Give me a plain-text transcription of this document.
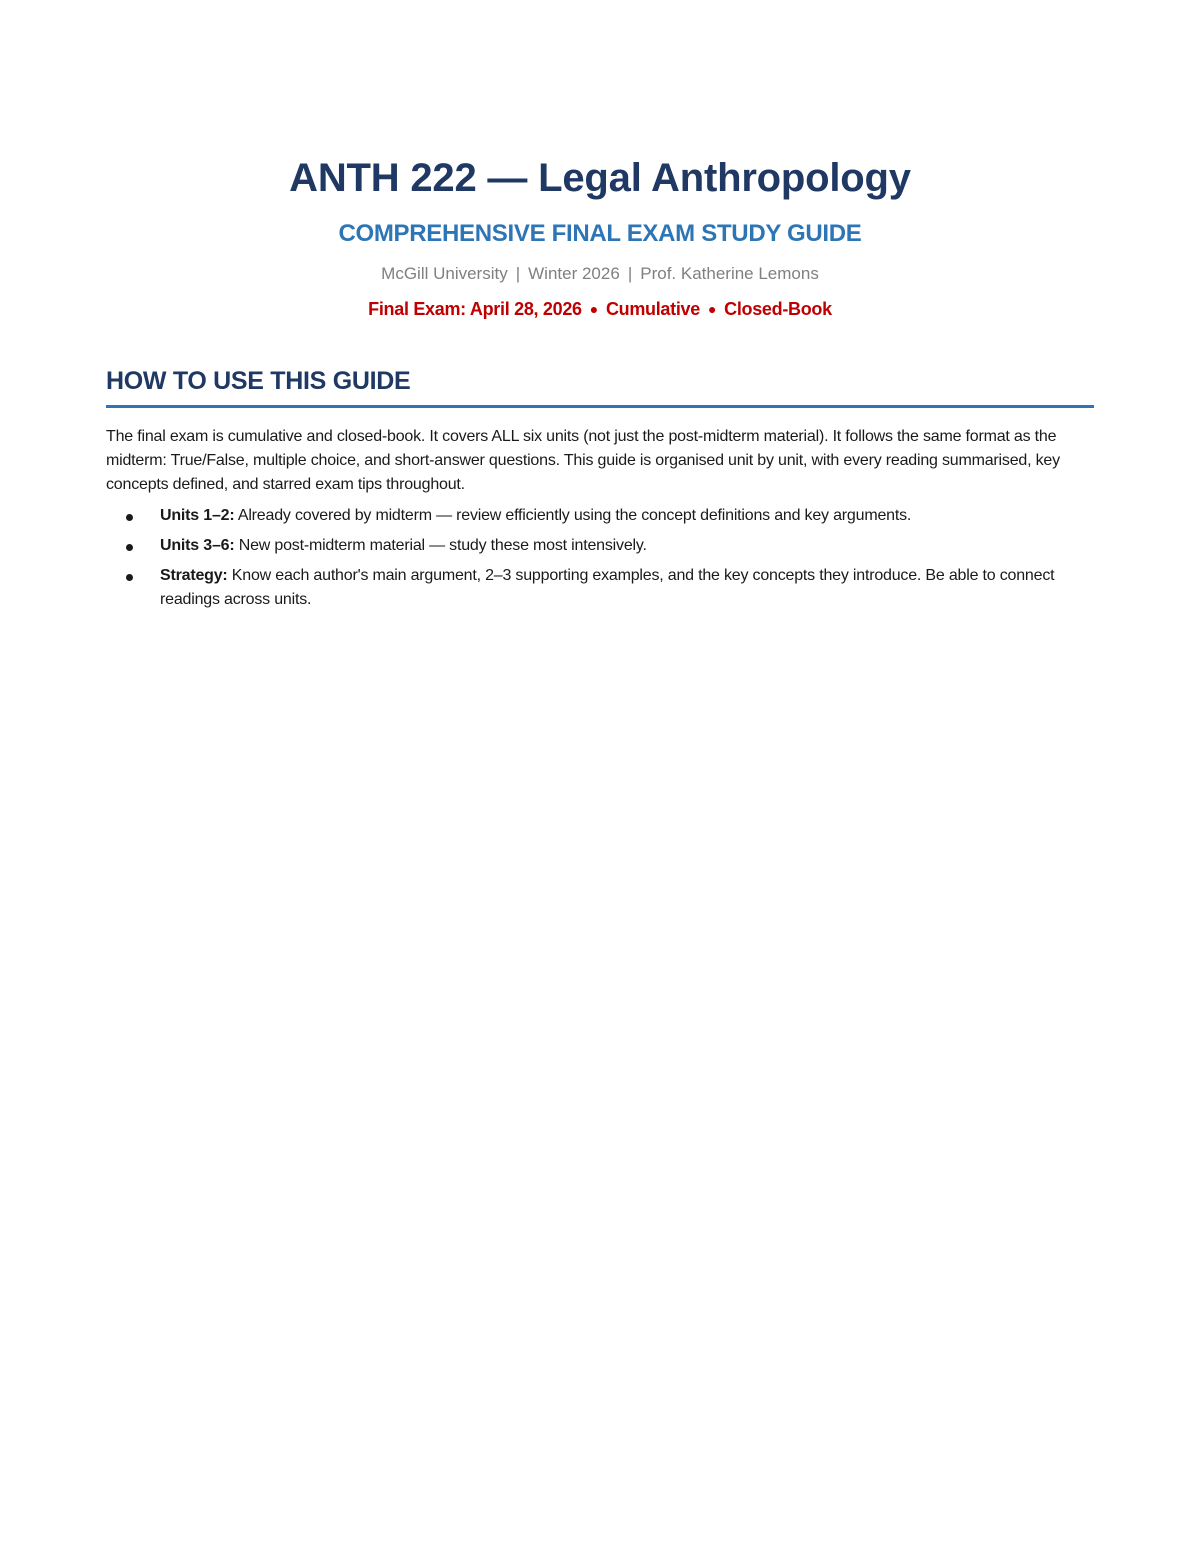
ANTH 222 — Legal Anthropology
COMPREHENSIVE FINAL EXAM STUDY GUIDE
McGill University | Winter 2026 | Prof. Katherine Lemons
Final Exam: April 28, 2026 ● Cumulative ● Closed-Book
HOW TO USE THIS GUIDE
The final exam is cumulative and closed-book. It covers ALL six units (not just the post-midterm material). It follows the same format as the midterm: True/False, multiple choice, and short-answer questions. This guide is organised unit by unit, with every reading summarised, key concepts defined, and starred exam tips throughout.
Units 1–2: Already covered by midterm — review efficiently using the concept definitions and key arguments.
Units 3–6: New post-midterm material — study these most intensively.
Strategy: Know each author's main argument, 2–3 supporting examples, and the key concepts they introduce. Be able to connect readings across units.
